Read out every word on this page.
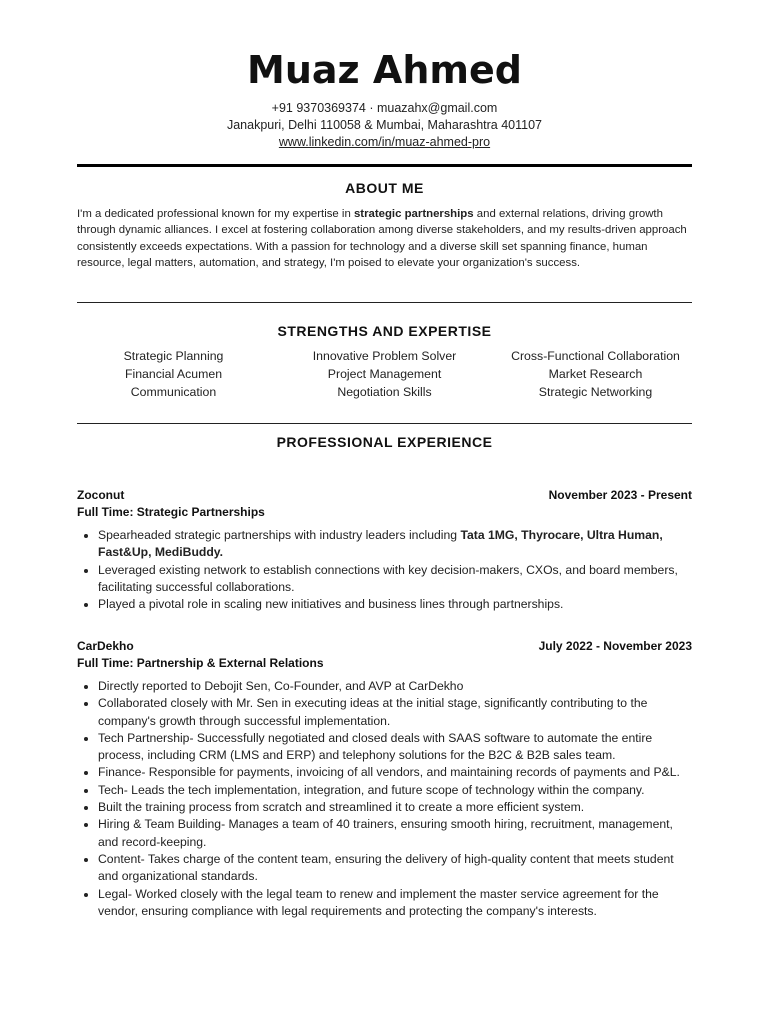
Muaz Ahmed
+91 9370369374 · muazahx@gmail.com
Janakpuri, Delhi 110058 & Mumbai, Maharashtra 401107
www.linkedin.com/in/muaz-ahmed-pro
ABOUT ME
I'm a dedicated professional known for my expertise in strategic partnerships and external relations, driving growth through dynamic alliances. I excel at fostering collaboration among diverse stakeholders, and my results-driven approach consistently exceeds expectations. With a passion for technology and a diverse skill set spanning finance, human resource, legal matters, automation, and strategy, I'm poised to elevate your organization's success.
STRENGTHS AND EXPERTISE
Strategic Planning	Innovative Problem Solver	Cross-Functional Collaboration
Financial Acumen	Project Management	Market Research
Communication	Negotiation Skills	Strategic Networking
PROFESSIONAL EXPERIENCE
Zoconut	November 2023 - Present
Full Time: Strategic Partnerships
• Spearheaded strategic partnerships with industry leaders including Tata 1MG, Thyrocare, Ultra Human, Fast&Up, MediBuddy.
• Leveraged existing network to establish connections with key decision-makers, CXOs, and board members, facilitating successful collaborations.
• Played a pivotal role in scaling new initiatives and business lines through partnerships.
CarDekho	July 2022 - November 2023
Full Time: Partnership & External Relations
• Directly reported to Debojit Sen, Co-Founder, and AVP at CarDekho
• Collaborated closely with Mr. Sen in executing ideas at the initial stage, significantly contributing to the company's growth through successful implementation.
• Tech Partnership- Successfully negotiated and closed deals with SAAS software to automate the entire process, including CRM (LMS and ERP) and telephony solutions for the B2C & B2B sales team.
• Finance- Responsible for payments, invoicing of all vendors, and maintaining records of payments and P&L.
• Tech- Leads the tech implementation, integration, and future scope of technology within the company.
• Built the training process from scratch and streamlined it to create a more efficient system.
• Hiring & Team Building- Manages a team of 40 trainers, ensuring smooth hiring, recruitment, management, and record-keeping.
• Content- Takes charge of the content team, ensuring the delivery of high-quality content that meets student and organizational standards.
• Legal- Worked closely with the legal team to renew and implement the master service agreement for the vendor, ensuring compliance with legal requirements and protecting the company's interests.
